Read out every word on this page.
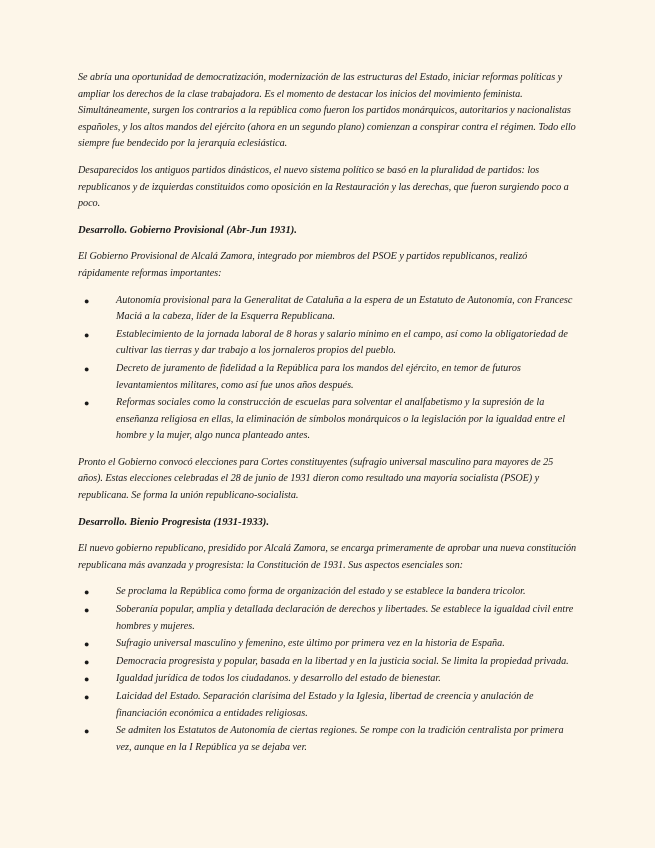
Se abría una oportunidad de democratización, modernización de las estructuras del Estado, iniciar reformas políticas y ampliar los derechos de la clase trabajadora. Es el momento de destacar los inicios del movimiento feminista. Simultáneamente, surgen los contrarios a la república como fueron los partidos monárquicos, autoritarios y nacionalistas españoles, y los altos mandos del ejército (ahora en un segundo plano) comienzan a conspirar contra el régimen. Todo ello siempre fue bendecido por la jerarquía eclesiástica.

Desaparecidos los antiguos partidos dinásticos, el nuevo sistema político se basó en la pluralidad de partidos: los republicanos y de izquierdas constituidos como oposición en la Restauración y las derechas, que fueron surgiendo poco a poco.

Desarrollo. Gobierno Provisional (Abr-Jun 1931).

El Gobierno Provisional de Alcalá Zamora, integrado por miembros del PSOE y partidos republicanos, realizó rápidamente reformas importantes:

●	Autonomía provisional para la Generalitat de Cataluña a la espera de un Estatuto de Autonomía, con Francesc Maciá a la cabeza, líder de la Esquerra Republicana.
●	Establecimiento de la jornada laboral de 8 horas y salario mínimo en el campo, así como la obligatoriedad de cultivar las tierras y dar trabajo a los jornaleros propios del pueblo.
●	Decreto de juramento de fidelidad a la República para los mandos del ejército, en temor de futuros levantamientos militares, como así fue unos años después.
●	Reformas sociales como la construcción de escuelas para solventar el analfabetismo y la supresión de la enseñanza religiosa en ellas, la eliminación de símbolos monárquicos o la legislación por la igualdad entre el hombre y la mujer, algo nunca planteado antes.

Pronto el Gobierno convocó elecciones para Cortes constituyentes (sufragio universal masculino para mayores de 25 años). Estas elecciones celebradas el 28 de junio de 1931 dieron como resultado una mayoría socialista (PSOE) y republicana. Se forma la unión republicano-socialista.

Desarrollo. Bienio Progresista (1931-1933).

El nuevo gobierno republicano, presidido por Alcalá Zamora, se encarga primeramente de aprobar una nueva constitución republicana más avanzada y progresista: la Constitución de 1931. Sus aspectos esenciales son:

●	Se proclama la República como forma de organización del estado y se establece la bandera tricolor.
●	Soberanía popular, amplia y detallada declaración de derechos y libertades. Se establece la igualdad civil entre hombres y mujeres.
●	Sufragio universal masculino y femenino, este último por primera vez en la historia de España.
●	Democracia progresista y popular, basada en la libertad y en la justicia social. Se limita la propiedad privada.
●	Igualdad jurídica de todos los ciudadanos. y desarrollo del estado de bienestar.
●	Laicidad del Estado. Separación clarísima del Estado y la Iglesia, libertad de creencia y anulación de financiación económica a entidades religiosas.
●	Se admiten los Estatutos de Autonomía de ciertas regiones. Se rompe con la tradición centralista por primera vez, aunque en la I República ya se dejaba ver.
